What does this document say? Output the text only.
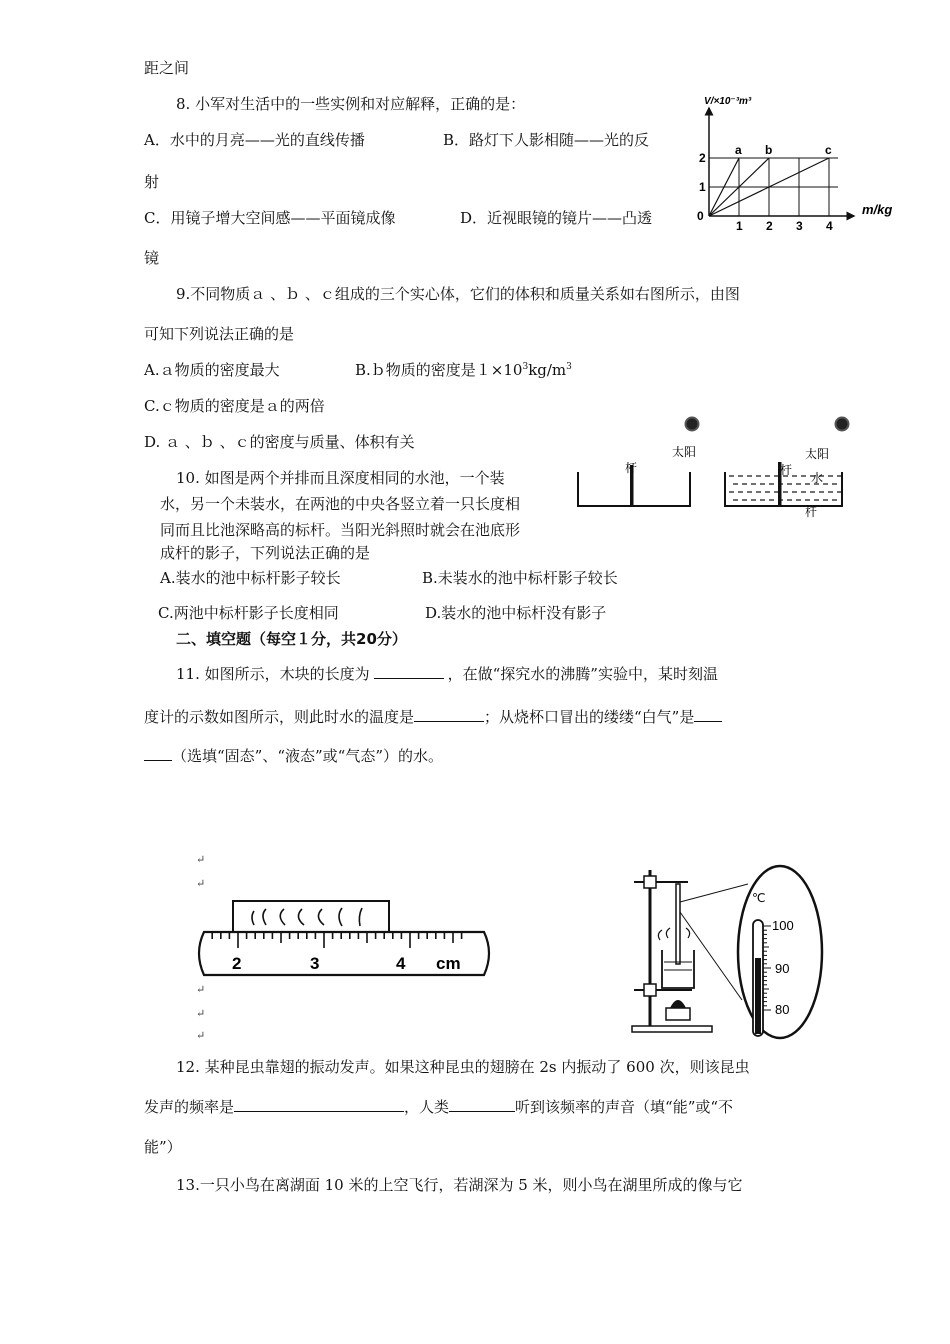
距之间
8. 小军对生活中的一些实例和对应解释，正确的是：
A．水中的月亮——光的直线传播	B．路灯下人影相随——光的反
射
C．用镜子增大空间感——平面镜成像	D．近视眼镜的镜片——凸透
镜
V/×10⁻³m³
m/kg
0
1
2
1 2 3 4
a b	c
9.不同物质ａ 、ｂ 、ｃ组成的三个实心体，它们的体积和质量关系如右图所示，由图
可知下列说法正确的是
A.ａ物质的密度最大	B.ｂ物质的密度是$1\times 10^3kg/m^3$
C.ｃ物质的密度是ａ的两倍
D. ａ 、ｂ 、ｃ的密度与质量、体积有关
太阳	太阳
杆	杆
水
杆
10. 如图是两个并排而且深度相同的水池，一个装
水，另一个未装水，在两池的中央各竖立着一只长度相
同而且比池深略高的标杆。当阳光斜照时就会在池底形
成杆的影子，下列说法正确的是
A.装水的池中标杆影子较长	B.未装水的池中标杆影子较长
C.两池中标杆影子长度相同	D.装水的池中标杆没有影子
二、填空题（每空１分，共20分）
11. 如图所示，木块的长度为	，在做“探究水的沸腾”实验中，某时刻温
度计的示数如图所示，则此时水的温度是	；从烧杯口冒出的缕缕“白气”是
（选填“固态”、“液态”或“气态”）的水。
↵
↵
↵
↵
↵
2	3	4 cm
℃
100
90
80
12. 某种昆虫靠翅的振动发声。如果这种昆虫的翅膀在 2s 内振动了 600 次，则该昆虫
发声的频率是	，人类	听到该频率的声音（填“能”或“不
能”）
13.一只小鸟在离湖面 10 米的上空飞行，若湖深为 5 米，则小鸟在湖里所成的像与它
